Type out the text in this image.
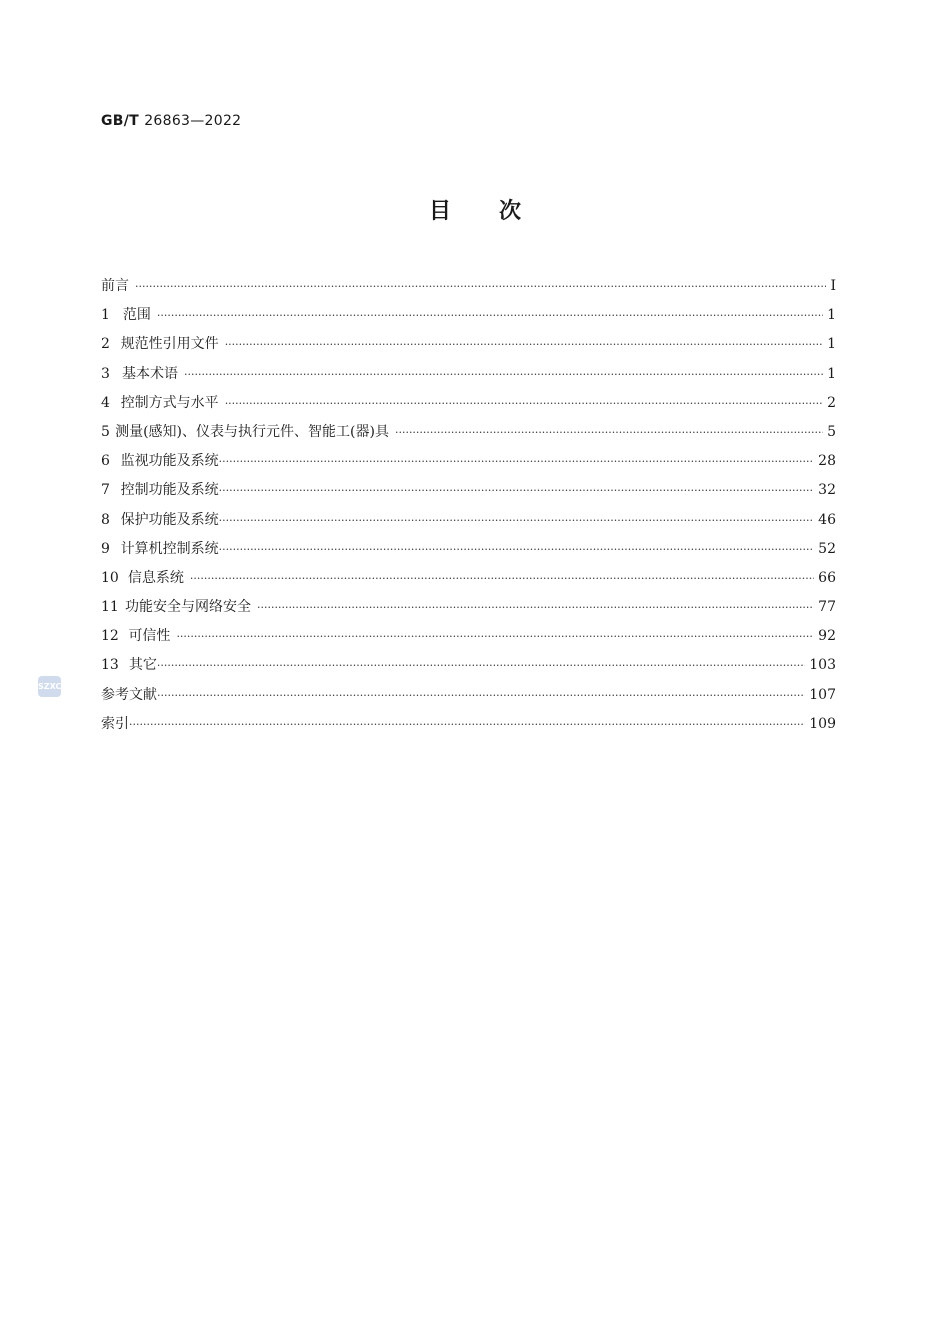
GB/T 26863—2022
目次
前言 ·····	Ⅰ
1 范围 ·····	1
2 规范性引用文件 ·····	1
3 基本术语 ·····	1
4 控制方式与水平 ·····	2
5 测量(感知)、仪表与执行元件、智能工(器)具 ·····	5
6 监视功能及系统 ·····	28
7 控制功能及系统 ·····	32
8 保护功能及系统 ·····	46
9 计算机控制系统 ·····	52
10 信息系统 ·····	66
11 功能安全与网络安全 ·····	77
12 可信性 ·····	92
13 其它 ·····	103
参考文献 ·····	107
索引 ·····	109
SZXC
